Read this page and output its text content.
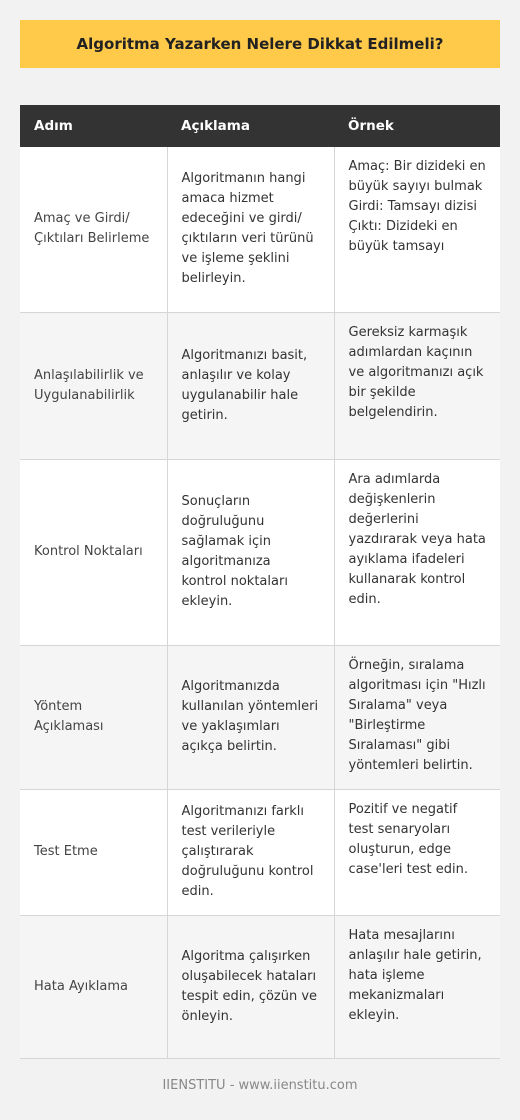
Algoritma Yazarken Nelere Dikkat Edilmeli?
Adım	Açıklama	Örnek
Amaç ve Girdi/ Çıktıları Belirleme	Algoritmanın hangi amaca hizmet edeceğini ve girdi/ çıktıların veri türünü ve işleme şeklini belirleyin.	Amaç: Bir dizideki en büyük sayıyı bulmak
Girdi: Tamsayı dizisi
Çıktı: Dizideki en büyük tamsayı

Anlaşılabilirlik ve Uygulanabilirlik	Algoritmanızı basit, anlaşılır ve kolay uygulanabilir hale getirin.	Gereksiz karmaşık adımlardan kaçının ve algoritmanızı açık bir şekilde belgelendirin.
Kontrol Noktaları	Sonuçların doğruluğunu sağlamak için algoritmanıza kontrol noktaları ekleyin.	Ara adımlarda değişkenlerin değerlerini yazdırarak veya hata ayıklama ifadeleri kullanarak kontrol edin.
Yöntem Açıklaması	Algoritmanızda kullanılan yöntemleri ve yaklaşımları açıkça belirtin.	Örneğin, sıralama algoritması için "Hızlı Sıralama" veya "Birleştirme Sıralaması" gibi yöntemleri belirtin.
Test Etme	Algoritmanızı farklı test verileriyle çalıştırarak doğruluğunu kontrol edin.	Pozitif ve negatif test senaryoları oluşturun, edge case'leri test edin.
Hata Ayıklama	Algoritma çalışırken oluşabilecek hataları tespit edin, çözün ve önleyin.	Hata mesajlarını anlaşılır hale getirin, hata işleme mekanizmaları ekleyin.
IIENSTITU - www.iienstitu.com
